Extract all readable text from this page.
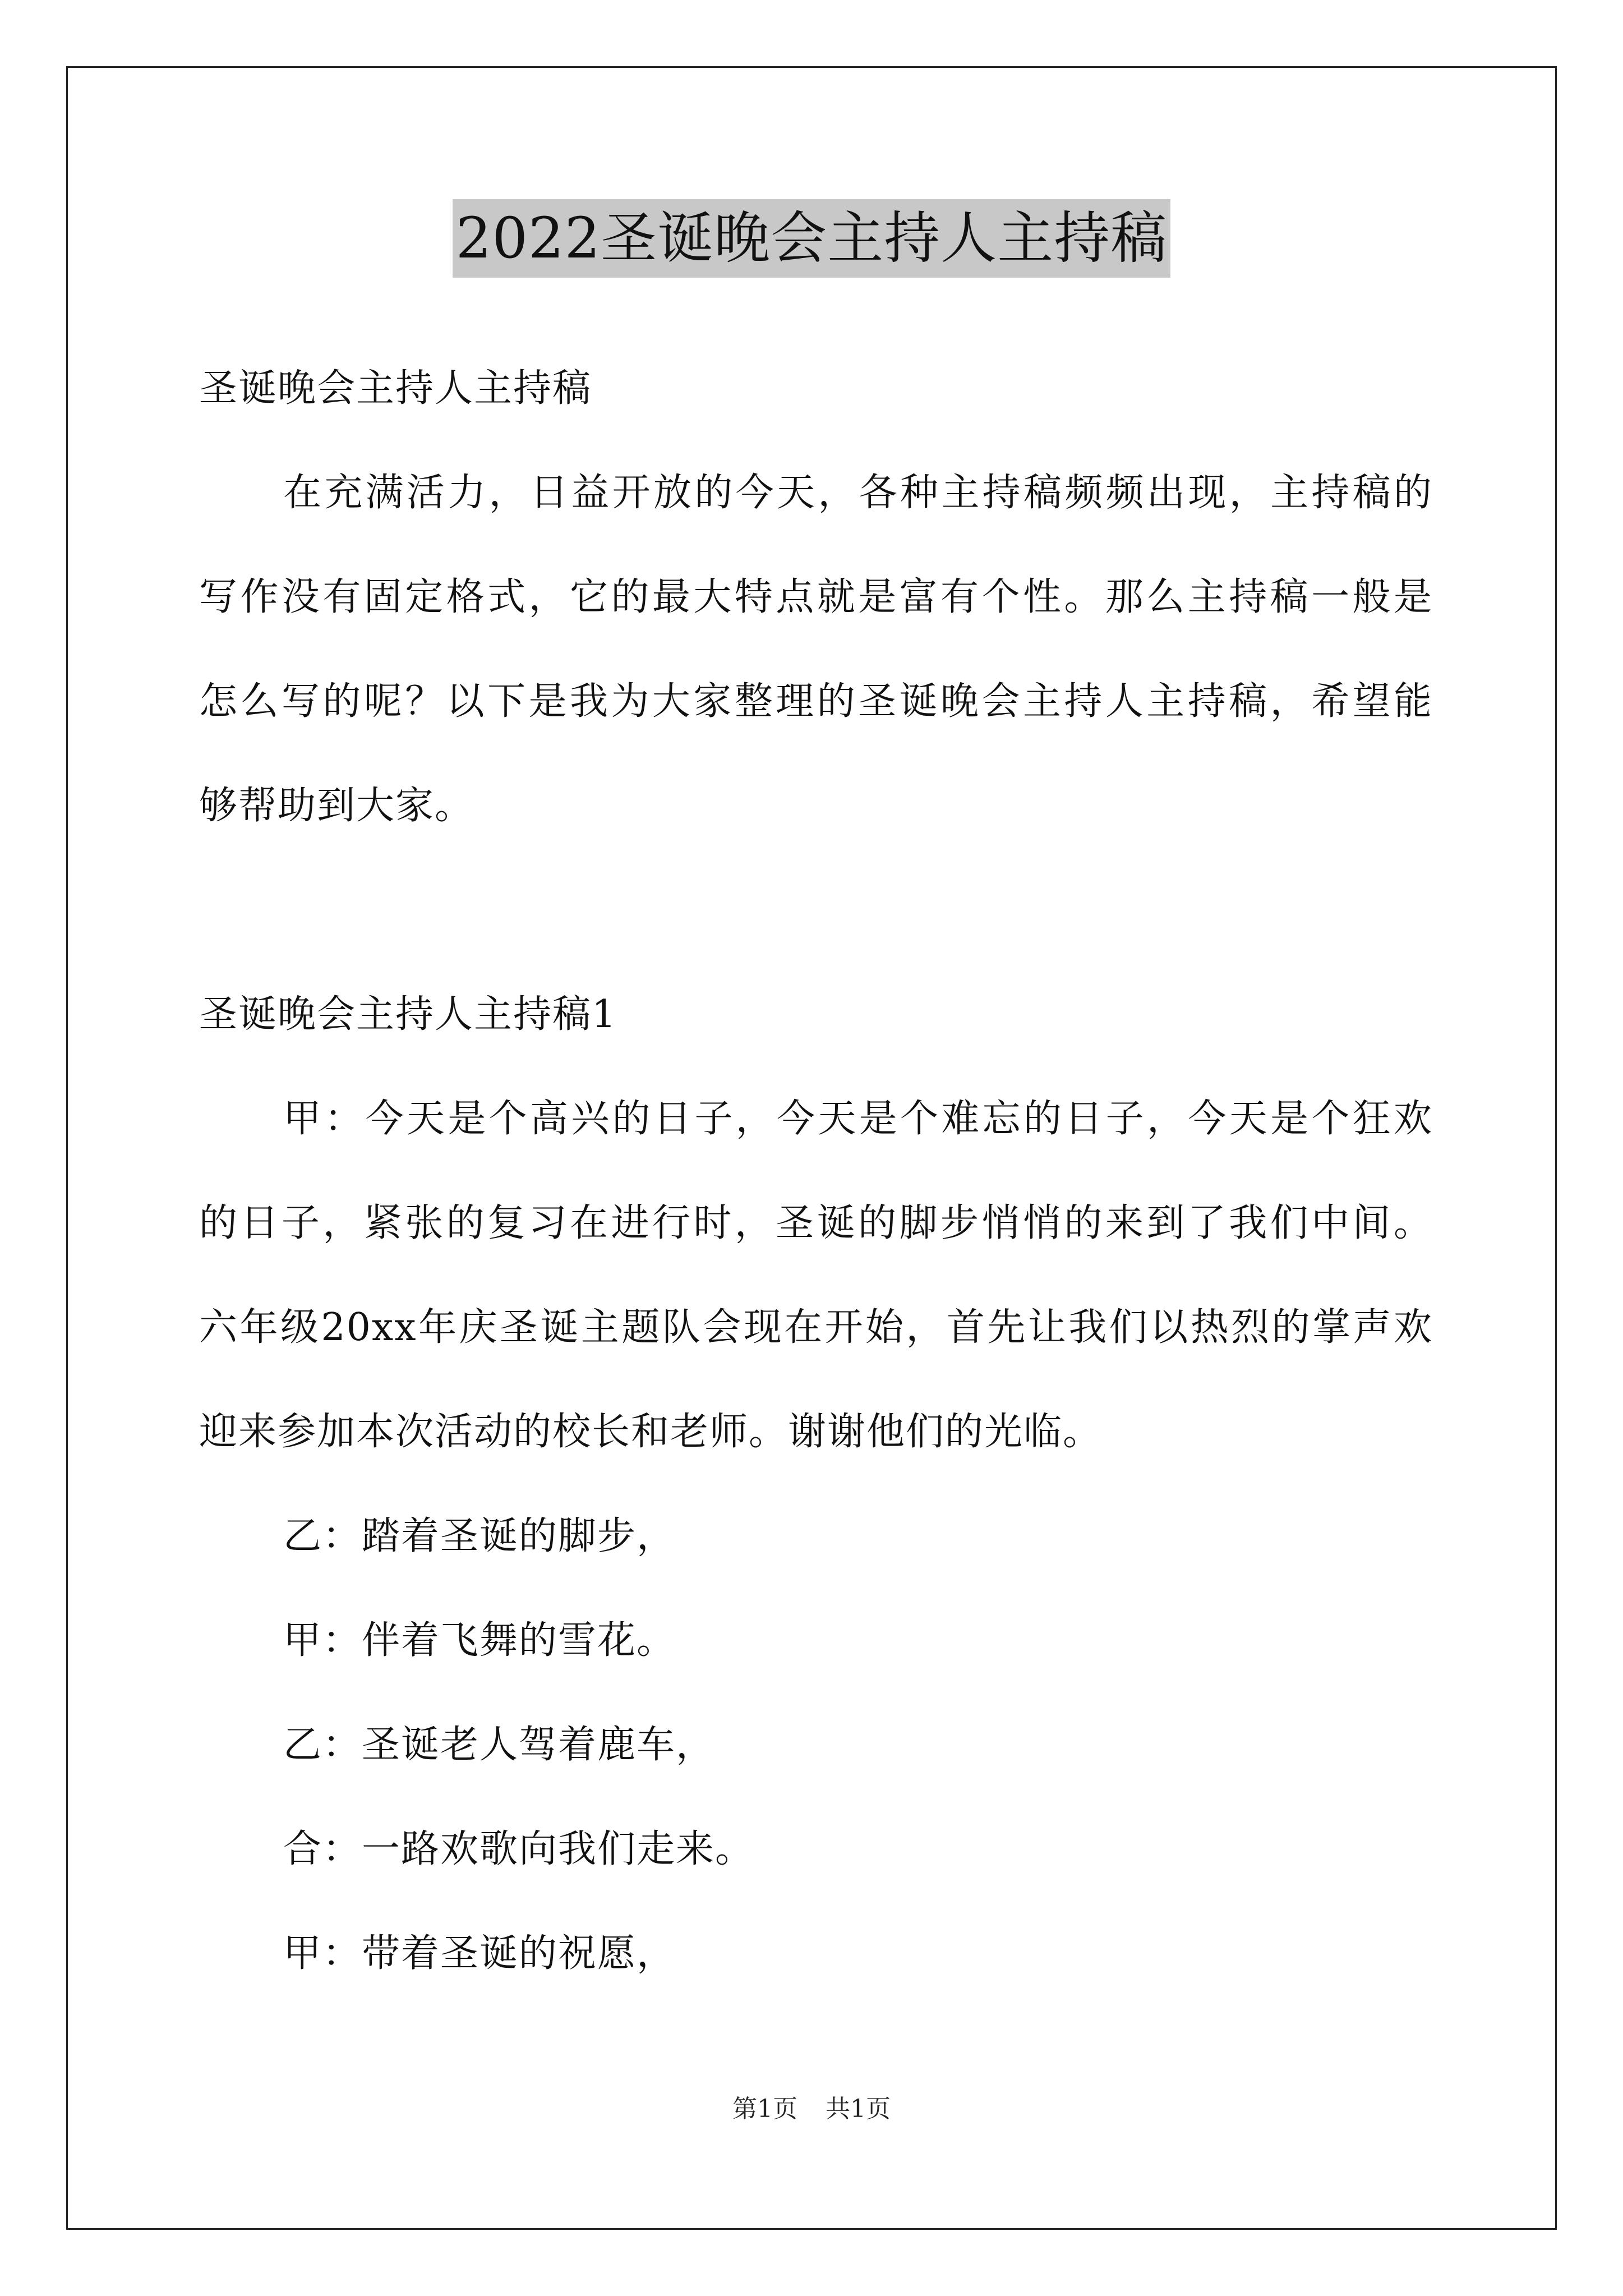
2022圣诞晚会主持人主持稿
圣诞晚会主持人主持稿
在充满活力，日益开放的今天，各种主持稿频频出现，主持稿的
写作没有固定格式，它的最大特点就是富有个性。那么主持稿一般是
怎么写的呢？以下是我为大家整理的圣诞晚会主持人主持稿，希望能
够帮助到大家。
圣诞晚会主持人主持稿1
甲：今天是个高兴的日子，今天是个难忘的日子，今天是个狂欢
的日子，紧张的复习在进行时，圣诞的脚步悄悄的来到了我们中间。
六年级20xx年庆圣诞主题队会现在开始，首先让我们以热烈的掌声欢
迎来参加本次活动的校长和老师。谢谢他们的光临。
乙：踏着圣诞的脚步，
甲：伴着飞舞的雪花。
乙：圣诞老人驾着鹿车，
合：一路欢歌向我们走来。
甲：带着圣诞的祝愿，
第1页 共1页
